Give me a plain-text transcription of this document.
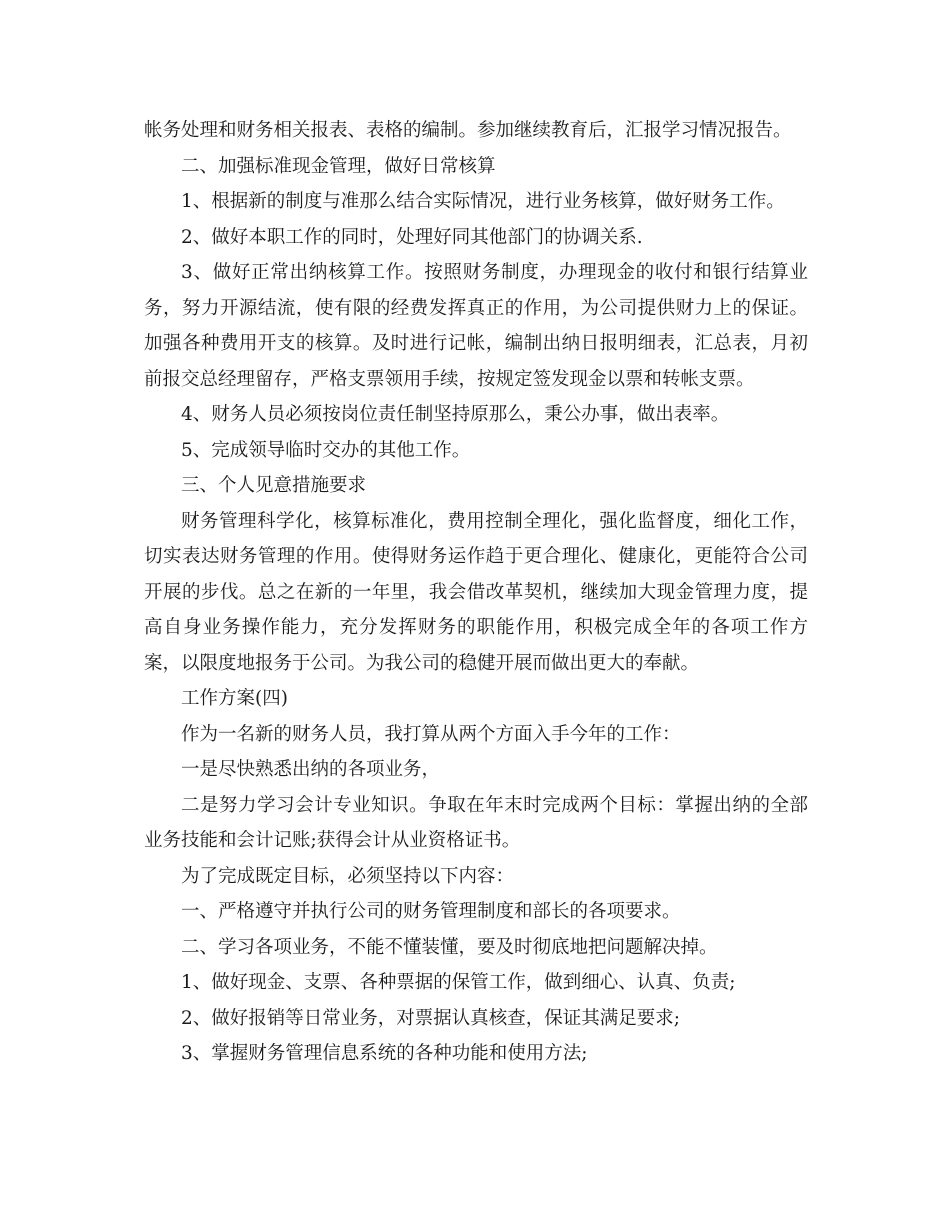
帐务处理和财务相关报表、表格的编制。参加继续教育后，汇报学习情况报告。

二、加强标准现金管理，做好日常核算

1、根据新的制度与准那么结合实际情况，进行业务核算，做好财务工作。

2、做好本职工作的同时，处理好同其他部门的协调关系.

3、做好正常出纳核算工作。按照财务制度，办理现金的收付和银行结算业务，努力开源结流，使有限的经费发挥真正的作用，为公司提供财力上的保证。加强各种费用开支的核算。及时进行记帐，编制出纳日报明细表，汇总表，月初前报交总经理留存，严格支票领用手续，按规定签发现金以票和转帐支票。

4、财务人员必须按岗位责任制坚持原那么，秉公办事，做出表率。

5、完成领导临时交办的其他工作。

三、个人见意措施要求

财务管理科学化，核算标准化，费用控制全理化，强化监督度，细化工作，切实表达财务管理的作用。使得财务运作趋于更合理化、健康化，更能符合公司开展的步伐。总之在新的一年里，我会借改革契机，继续加大现金管理力度，提高自身业务操作能力，充分发挥财务的职能作用，积极完成全年的各项工作方案，以限度地报务于公司。为我公司的稳健开展而做出更大的奉献。

工作方案(四)

作为一名新的财务人员，我打算从两个方面入手今年的工作：

一是尽快熟悉出纳的各项业务，

二是努力学习会计专业知识。争取在年末时完成两个目标：掌握出纳的全部业务技能和会计记账;获得会计从业资格证书。

为了完成既定目标，必须坚持以下内容：

一、严格遵守并执行公司的财务管理制度和部长的各项要求。

二、学习各项业务，不能不懂装懂，要及时彻底地把问题解决掉。

1、做好现金、支票、各种票据的保管工作，做到细心、认真、负责;

2、做好报销等日常业务，对票据认真核查，保证其满足要求;

3、掌握财务管理信息系统的各种功能和使用方法;
